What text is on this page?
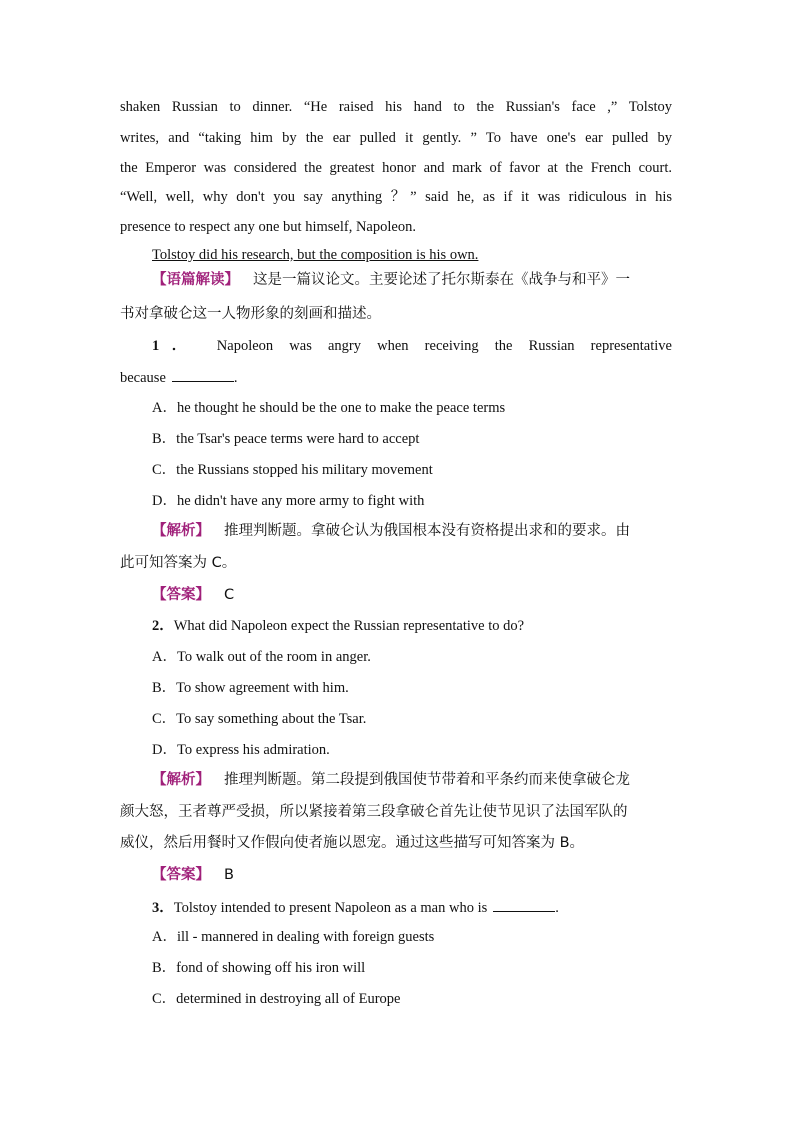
shaken Russian to dinner. “He raised his hand to the Russian's face ,” Tolstoy
writes, and “taking him by the ear pulled it gently. ” To have one's ear pulled by
the Emperor was considered the greatest honor and mark of favor at the French court.
“Well, well, why don't you say anything ？” said he, as if it was ridiculous in his
presence to respect any one but himself, Napoleon.
Tolstoy did his research, but the composition is his own.
【语篇解读】 这是一篇议论文。主要论述了托尔斯泰在《战争与和平》一
书对拿破仑这一人物形象的刻画和描述。
1． Napoleon was angry when receiving the Russian representative
because	.
A．he thought he should be the one to make the peace terms
B．the Tsar's peace terms were hard to accept
C．the Russians stopped his military movement
D．he didn't have any more army to fight with
【解析】 推理判断题。拿破仑认为俄国根本没有资格提出求和的要求。由
此可知答案为 C。
【答案】 C
2．What did Napoleon expect the Russian representative to do?
A．To walk out of the room in anger.
B．To show agreement with him.
C．To say something about the Tsar.
D．To express his admiration.
【解析】 推理判断题。第二段提到俄国使节带着和平条约而来使拿破仑龙
颜大怒，王者尊严受损，所以紧接着第三段拿破仑首先让使节见识了法国军队的
威仪，然后用餐时又作假向使者施以恩宠。通过这些描写可知答案为 B。
【答案】 B
3．Tolstoy intended to present Napoleon as a man who is	.
A．ill - mannered in dealing with foreign guests
B．fond of showing off his iron will
C．determined in destroying all of Europe
